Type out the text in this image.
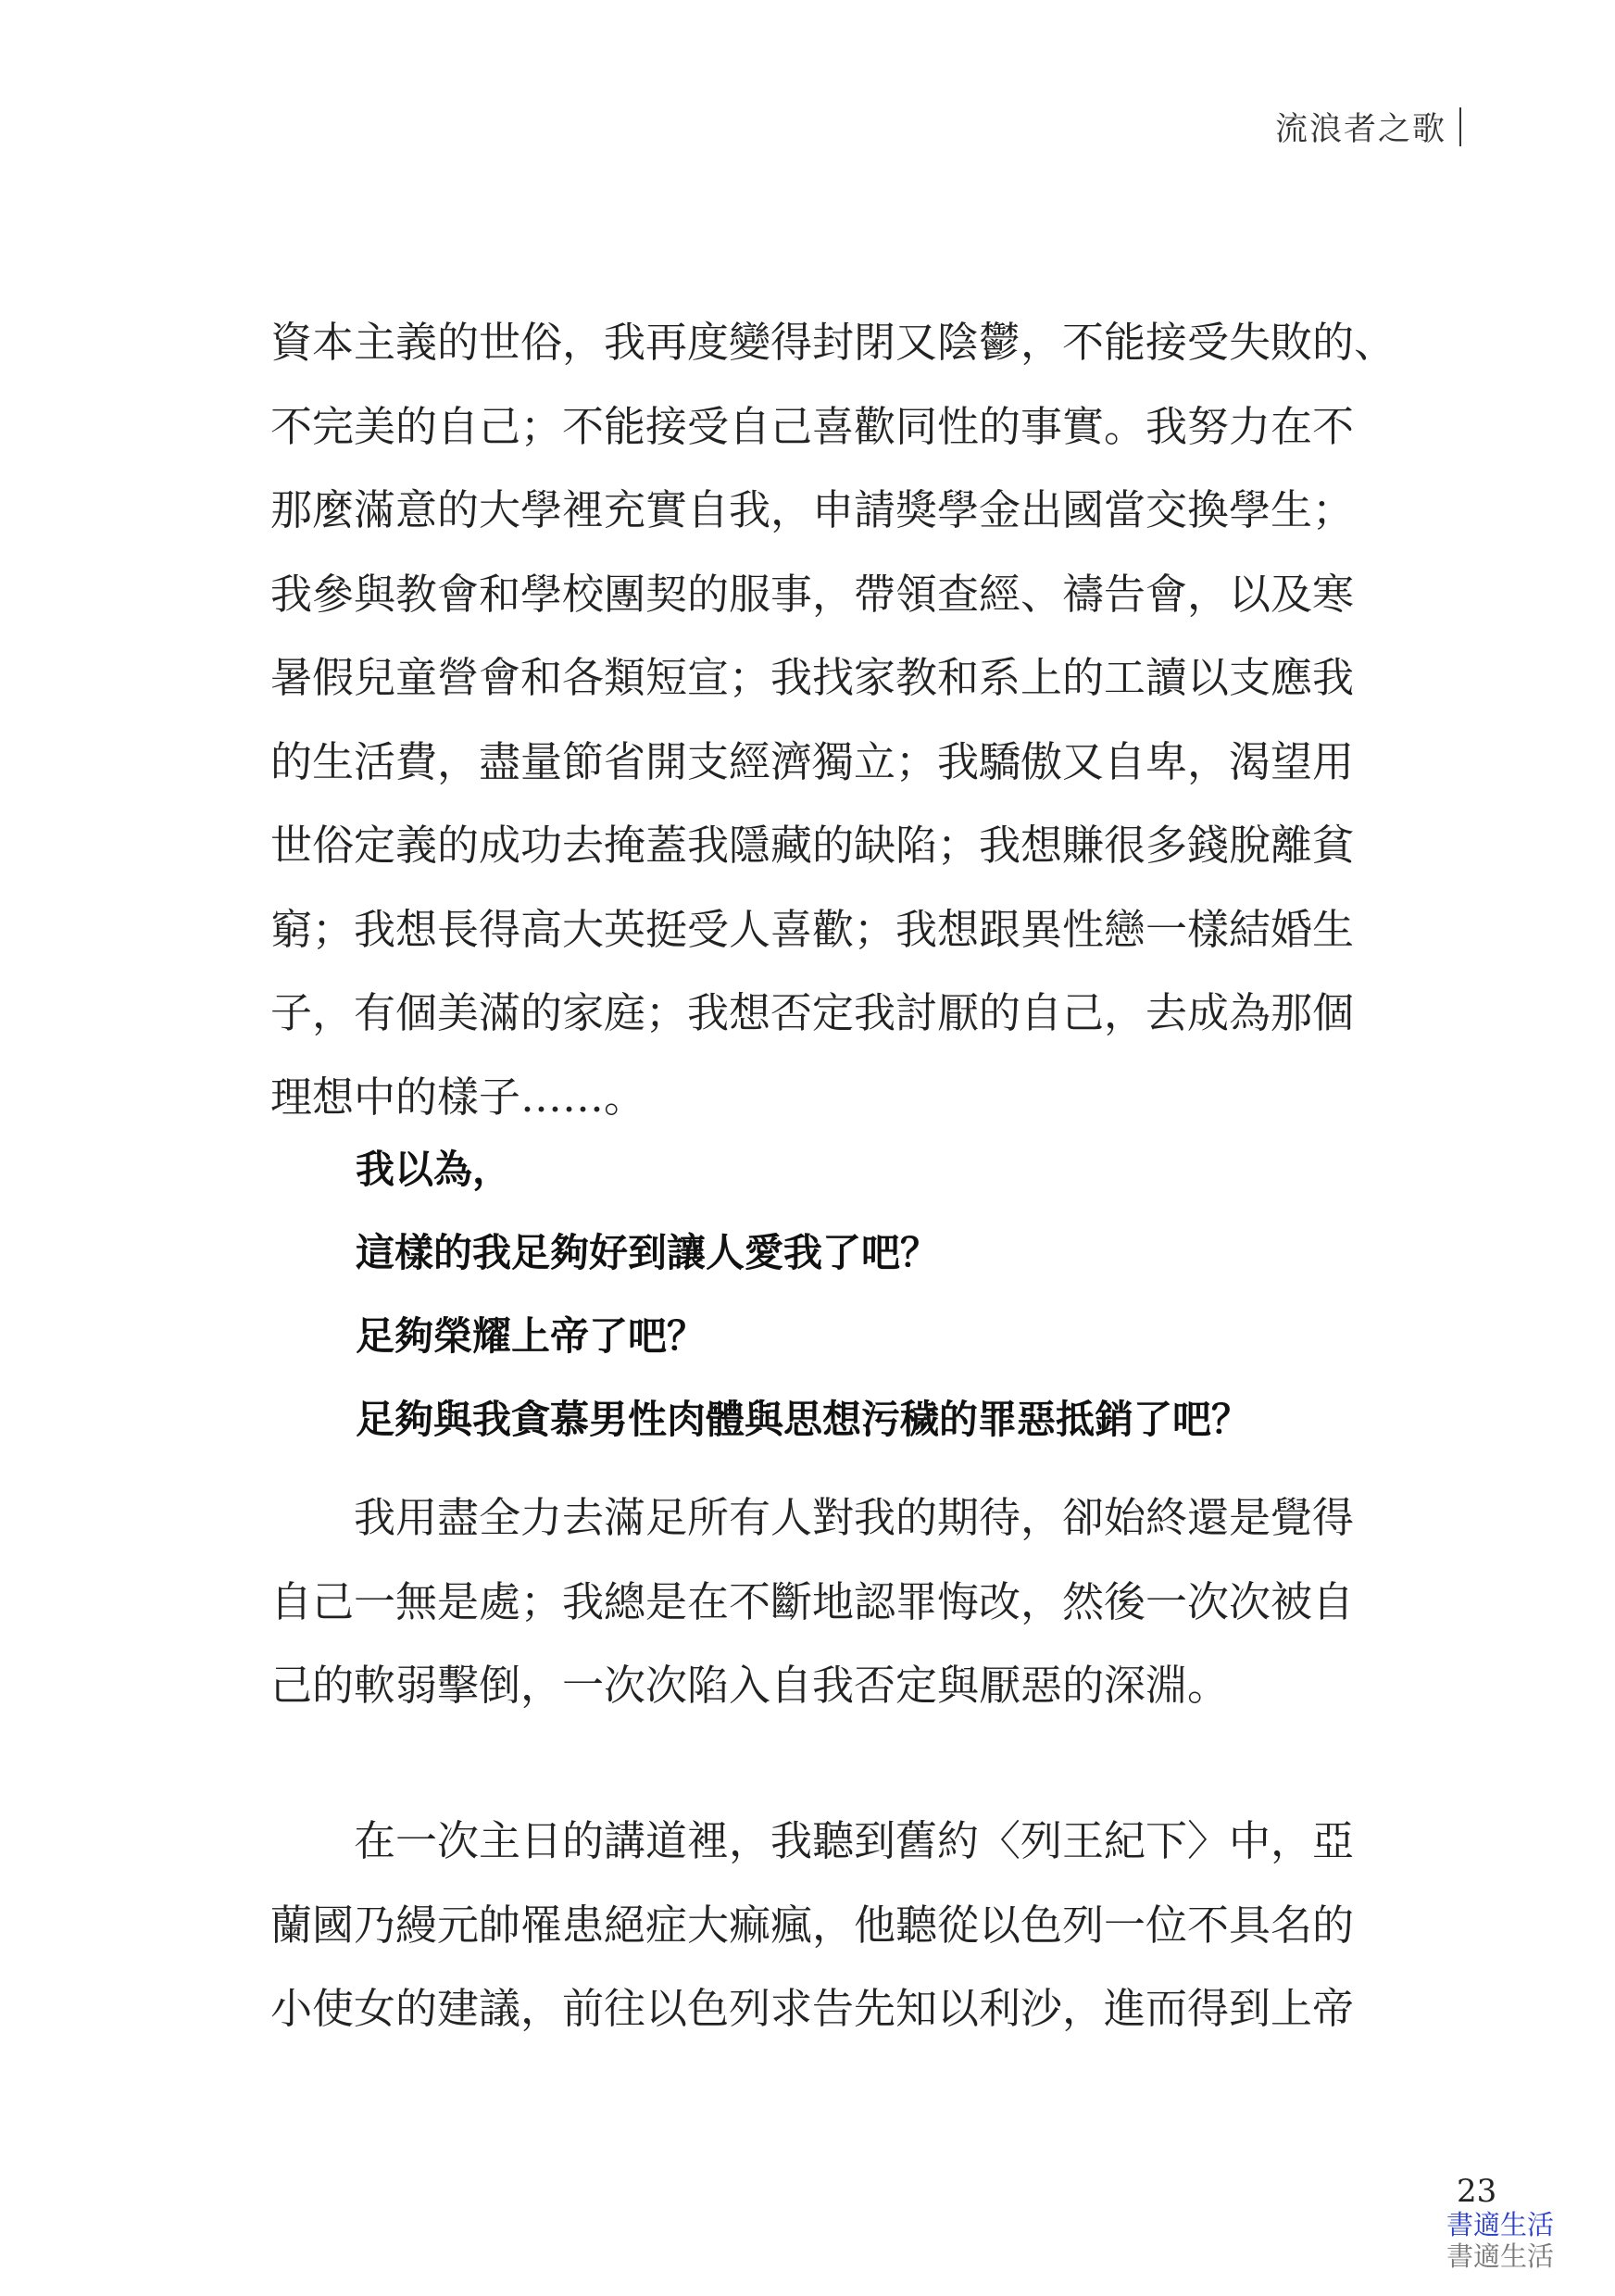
流浪者之歌
資本主義的世俗，我再度變得封閉又陰鬱，不能接受失敗的、
不完美的自己；不能接受自己喜歡同性的事實。我努力在不
那麼滿意的大學裡充實自我，申請獎學金出國當交換學生；
我參與教會和學校團契的服事，帶領查經、禱告會，以及寒
暑假兒童營會和各類短宣；我找家教和系上的工讀以支應我
的生活費，盡量節省開支經濟獨立；我驕傲又自卑，渴望用
世俗定義的成功去掩蓋我隱藏的缺陷；我想賺很多錢脫離貧
窮；我想長得高大英挺受人喜歡；我想跟異性戀一樣結婚生
子，有個美滿的家庭；我想否定我討厭的自己，去成為那個
理想中的樣子……。
我以為，
這樣的我足夠好到讓人愛我了吧？
足夠榮耀上帝了吧？
足夠與我貪慕男性肉體與思想污穢的罪惡抵銷了吧？
我用盡全力去滿足所有人對我的期待，卻始終還是覺得
自己一無是處；我總是在不斷地認罪悔改，然後一次次被自
己的軟弱擊倒，一次次陷入自我否定與厭惡的深淵。
在一次主日的講道裡，我聽到舊約〈列王紀下〉中，亞
蘭國乃縵元帥罹患絕症大痲瘋，他聽從以色列一位不具名的
小使女的建議，前往以色列求告先知以利沙，進而得到上帝
23
書適生活
書適生活
